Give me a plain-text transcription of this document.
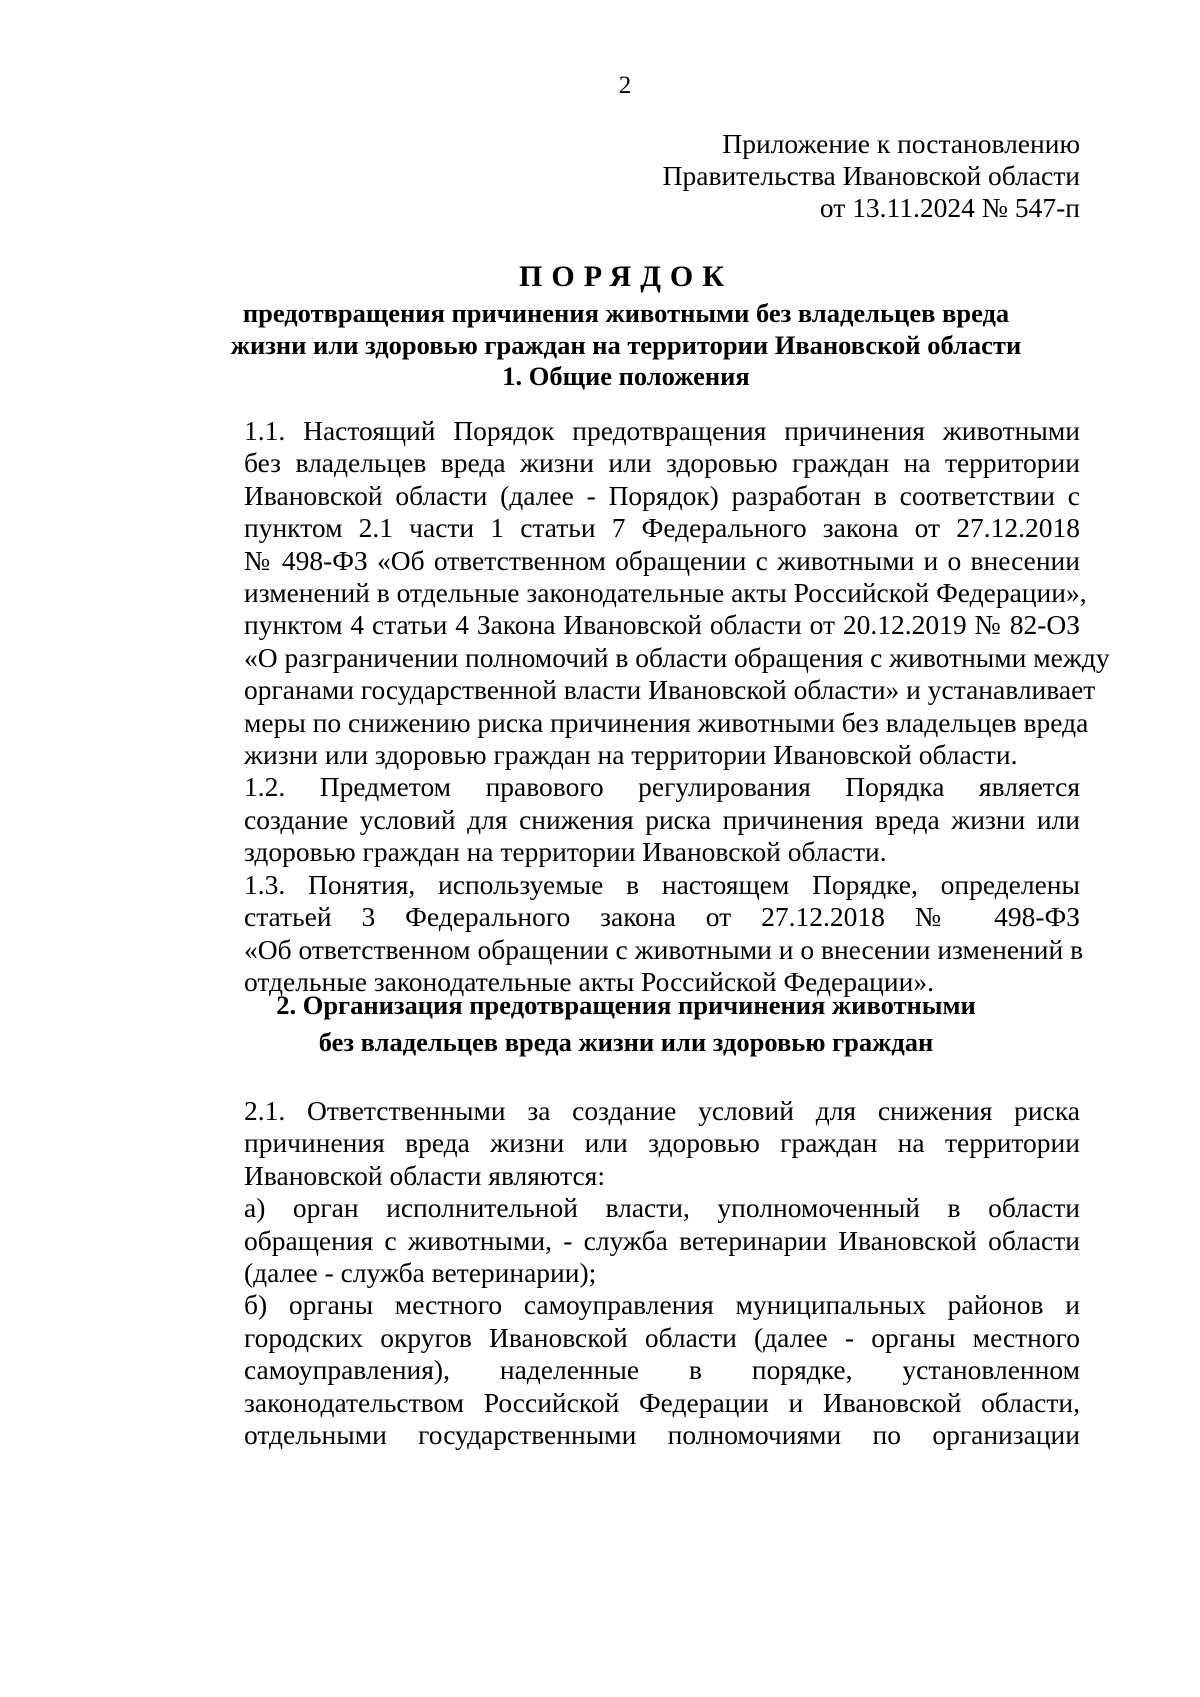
2
Приложение к постановлению
Правительства Ивановской области
от 13.11.2024 № 547-п
ПОРЯДОК
предотвращения причинения животными без владельцев вреда
жизни или здоровью граждан на территории Ивановской области
1. Общие положения

1.1. Настоящий Порядок предотвращения причинения животными
без владельцев вреда жизни или здоровью граждан на территории
Ивановской области (далее - Порядок) разработан в соответствии с
пунктом 2.1 части 1 статьи 7 Федерального закона от 27.12.2018
№ 498-ФЗ «Об ответственном обращении с животными и о внесении
изменений в отдельные законодательные акты Российской Федерации»,
пунктом 4 статьи 4 Закона Ивановской области от 20.12.2019 № 82-ОЗ
«О разграничении полномочий в области обращения с животными между
органами государственной власти Ивановской области» и устанавливает
меры по снижению риска причинения животными без владельцев вреда
жизни или здоровью граждан на территории Ивановской области.

1.2. Предметом правового регулирования Порядка является
создание условий для снижения риска причинения вреда жизни или
здоровью граждан на территории Ивановской области.

1.3. Понятия, используемые в настоящем Порядке, определены
статьей 3 Федерального закона от 27.12.2018 № 498-ФЗ
«Об ответственном обращении с животными и о внесении изменений в
отдельные законодательные акты Российской Федерации».

2. Организация предотвращения причинения животными
без владельцев вреда жизни или здоровью граждан

2.1. Ответственными за создание условий для снижения риска
причинения вреда жизни или здоровью граждан на территории
Ивановской области являются:

а) орган исполнительной власти, уполномоченный в области
обращения с животными, - служба ветеринарии Ивановской области
(далее - служба ветеринарии);

б) органы местного самоуправления муниципальных районов и
городских округов Ивановской области (далее - органы местного
самоуправления), наделенные в порядке, установленном
законодательством Российской Федерации и Ивановской области,
отдельными государственными полномочиями по организации
